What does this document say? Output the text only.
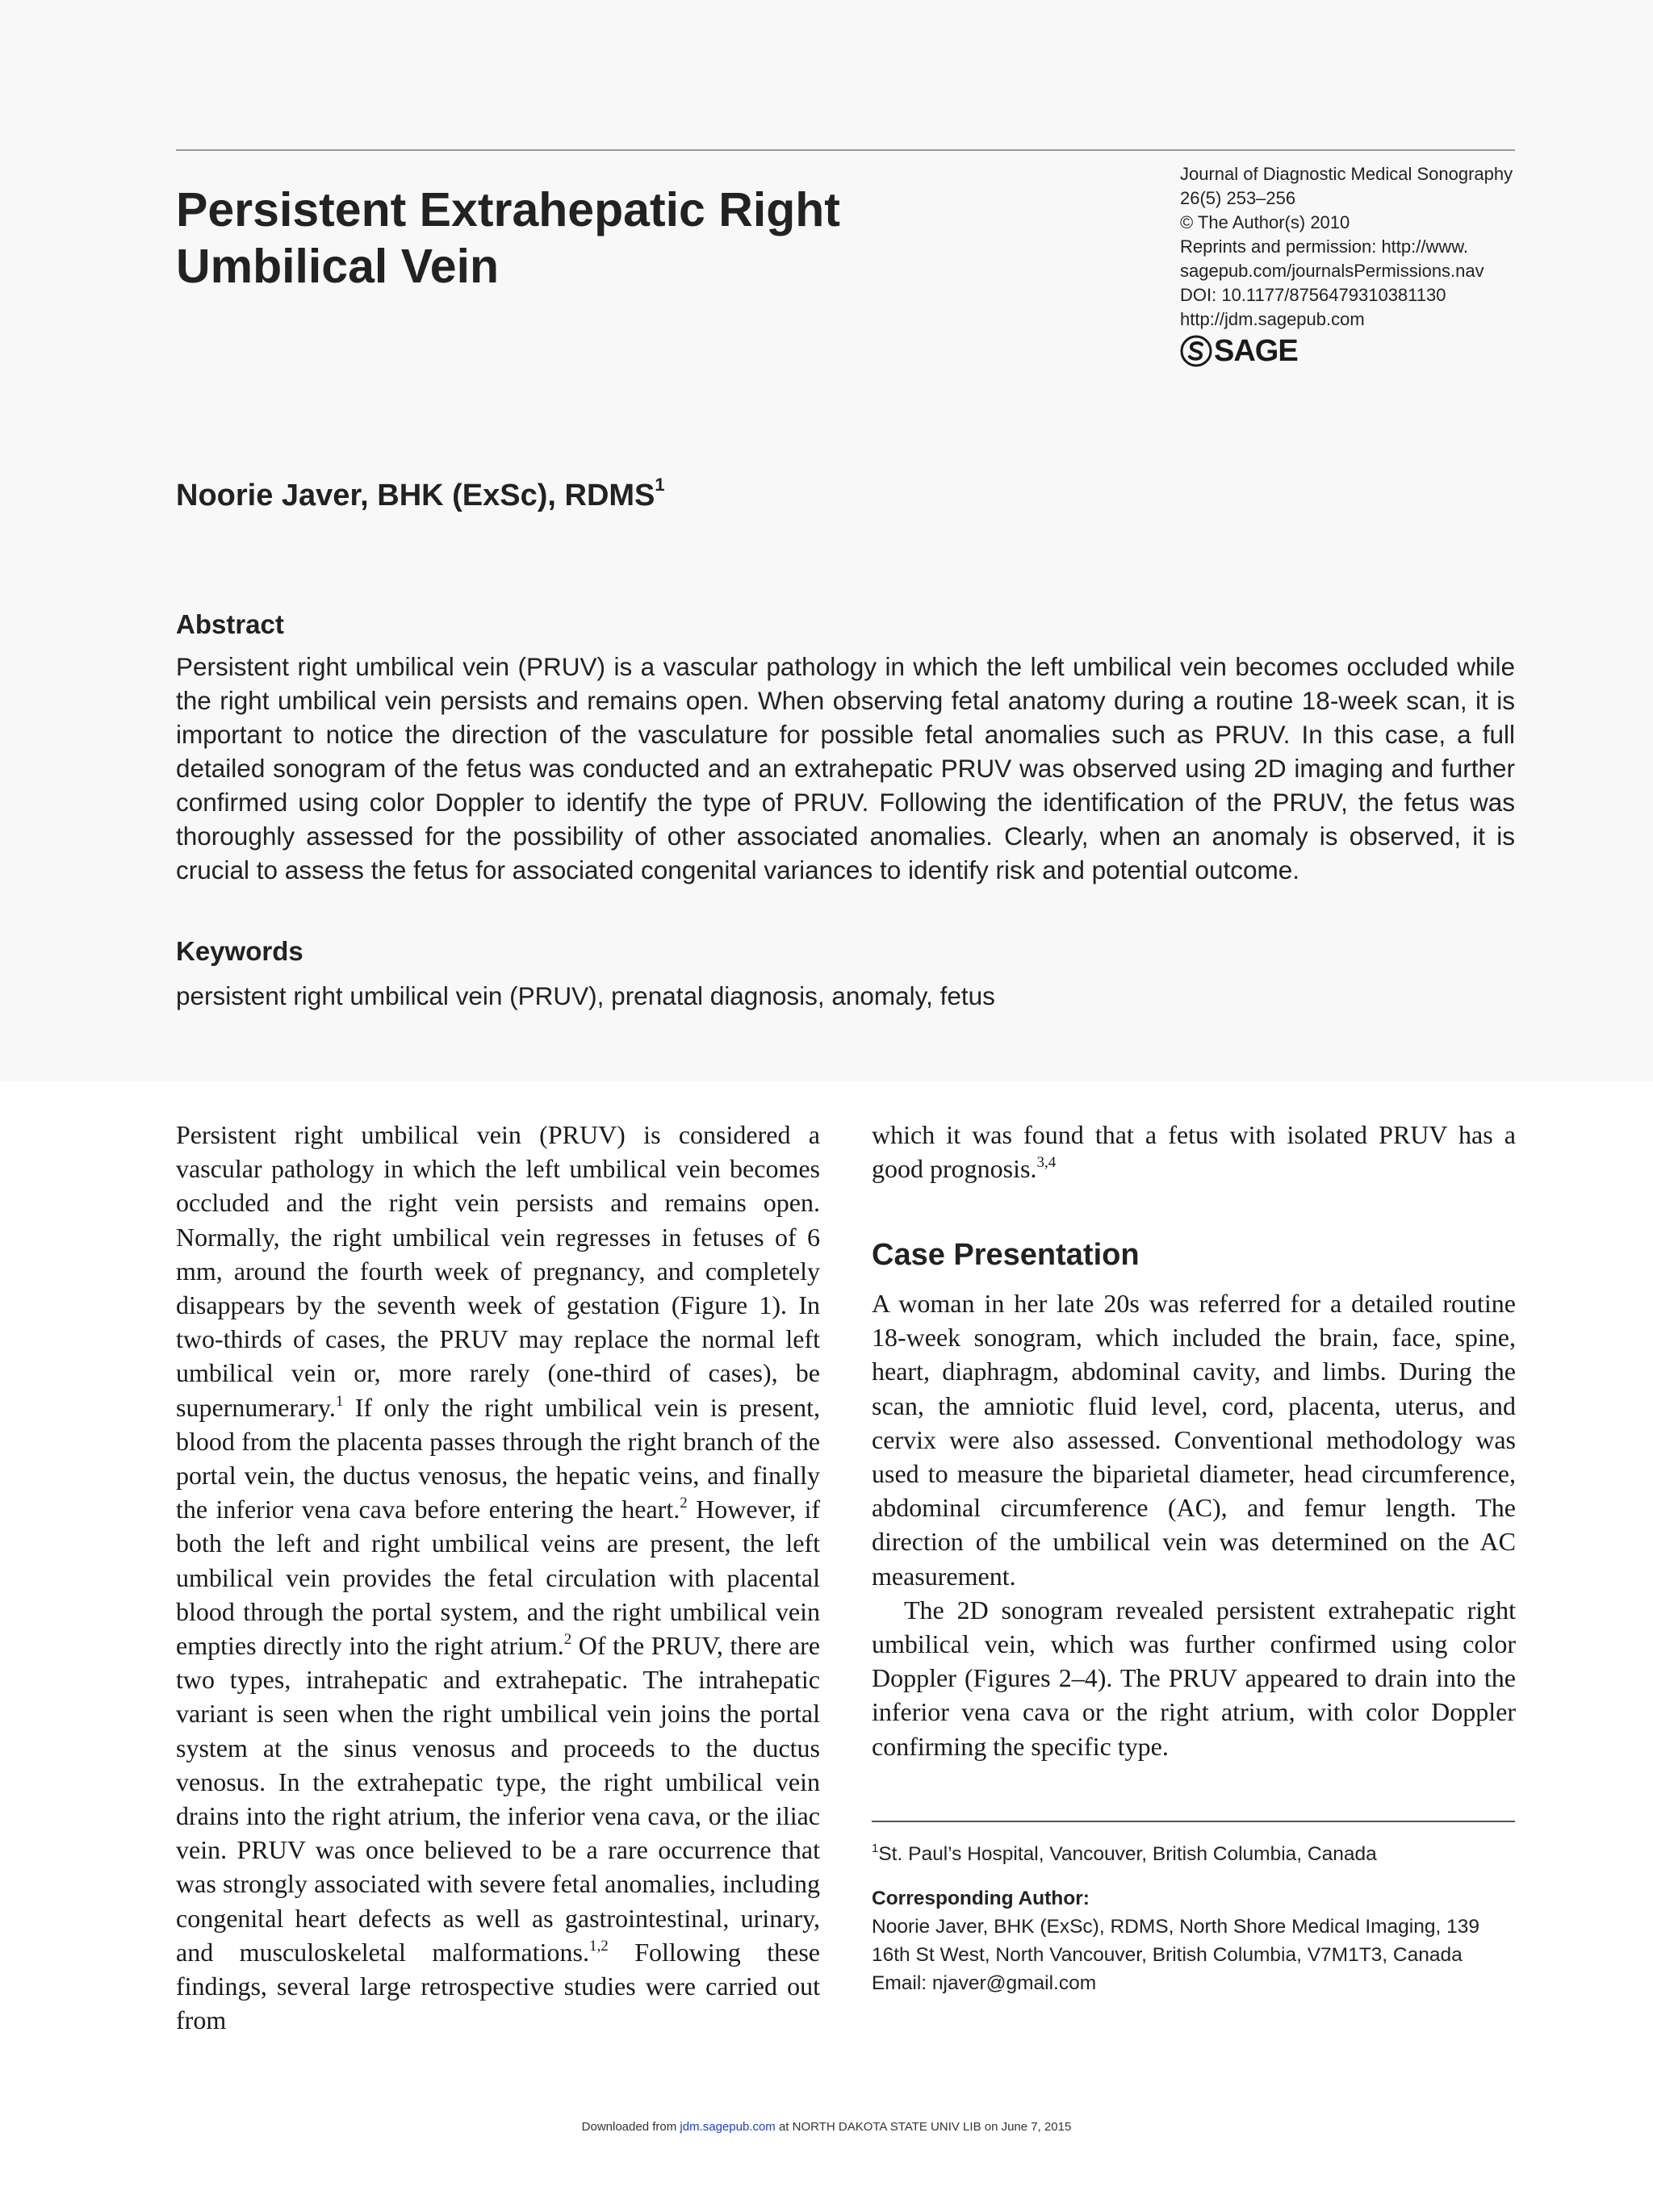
Persistent Extrahepatic Right
Umbilical Vein
Journal of Diagnostic Medical Sonography
26(5) 253–256
© The Author(s) 2010
Reprints and permission: http://www.
sagepub.com/journalsPermissions.nav
DOI: 10.1177/8756479310381130
http://jdm.sagepub.com
SAGE
Noorie Javer, BHK (ExSc), RDMS$^1$
Abstract
Persistent right umbilical vein (PRUV) is a vascular pathology in which the left umbilical vein becomes occluded while the right umbilical vein persists and remains open. When observing fetal anatomy during a routine 18-week scan, it is important to notice the direction of the vasculature for possible fetal anomalies such as PRUV. In this case, a full detailed sonogram of the fetus was conducted and an extrahepatic PRUV was observed using 2D imaging and further confirmed using color Doppler to identify the type of PRUV. Following the identification of the PRUV, the fetus was thoroughly assessed for the possibility of other associated anomalies. Clearly, when an anomaly is observed, it is crucial to assess the fetus for associated congenital variances to identify risk and potential outcome.
Keywords
persistent right umbilical vein (PRUV), prenatal diagnosis, anomaly, fetus

Persistent right umbilical vein (PRUV) is considered a vascular pathology in which the left umbilical vein becomes occluded and the right vein persists and remains open. Normally, the right umbilical vein regresses in fetuses of 6 mm, around the fourth week of pregnancy, and completely disappears by the seventh week of gestation (Figure 1). In two-thirds of cases, the PRUV may replace the normal left umbilical vein or, more rarely (one-third of cases), be supernumerary.$^1$ If only the right umbilical vein is present, blood from the placenta passes through the right branch of the portal vein, the ductus venosus, the hepatic veins, and finally the inferior vena cava before entering the heart.$^2$ However, if both the left and right umbilical veins are present, the left umbilical vein provides the fetal circulation with placental blood through the portal system, and the right umbilical vein empties directly into the right atrium.$^2$ Of the PRUV, there are two types, intrahepatic and extrahepatic. The intrahepatic variant is seen when the right umbilical vein joins the portal system at the sinus venosus and proceeds to the ductus venosus. In the extrahepatic type, the right umbilical vein drains into the right atrium, the inferior vena cava, or the iliac vein. PRUV was once believed to be a rare occurrence that was strongly associated with severe fetal anomalies, including congenital heart defects as well as gastrointestinal, urinary, and musculoskeletal malformations.$^{1,2}$ Following these findings, several large retrospective studies were carried out from

which it was found that a fetus with isolated PRUV has a good prognosis.$^{3,4}$

Case Presentation

A woman in her late 20s was referred for a detailed routine 18-week sonogram, which included the brain, face, spine, heart, diaphragm, abdominal cavity, and limbs. During the scan, the amniotic fluid level, cord, placenta, uterus, and cervix were also assessed. Conventional methodology was used to measure the biparietal diameter, head circumference, abdominal circumference (AC), and femur length. The direction of the umbilical vein was determined on the AC measurement.

The 2D sonogram revealed persistent extrahepatic right umbilical vein, which was further confirmed using color Doppler (Figures 2–4). The PRUV appeared to drain into the inferior vena cava or the right atrium, with color Doppler confirming the specific type.

$^1$St. Paul’s Hospital, Vancouver, British Columbia, Canada
Corresponding Author:
Noorie Javer, BHK (ExSc), RDMS, North Shore Medical Imaging, 139
16th St West, North Vancouver, British Columbia, V7M1T3, Canada
Email: njaver@gmail.com
Downloaded from jdm.sagepub.com at NORTH DAKOTA STATE UNIV LIB on June 7, 2015
